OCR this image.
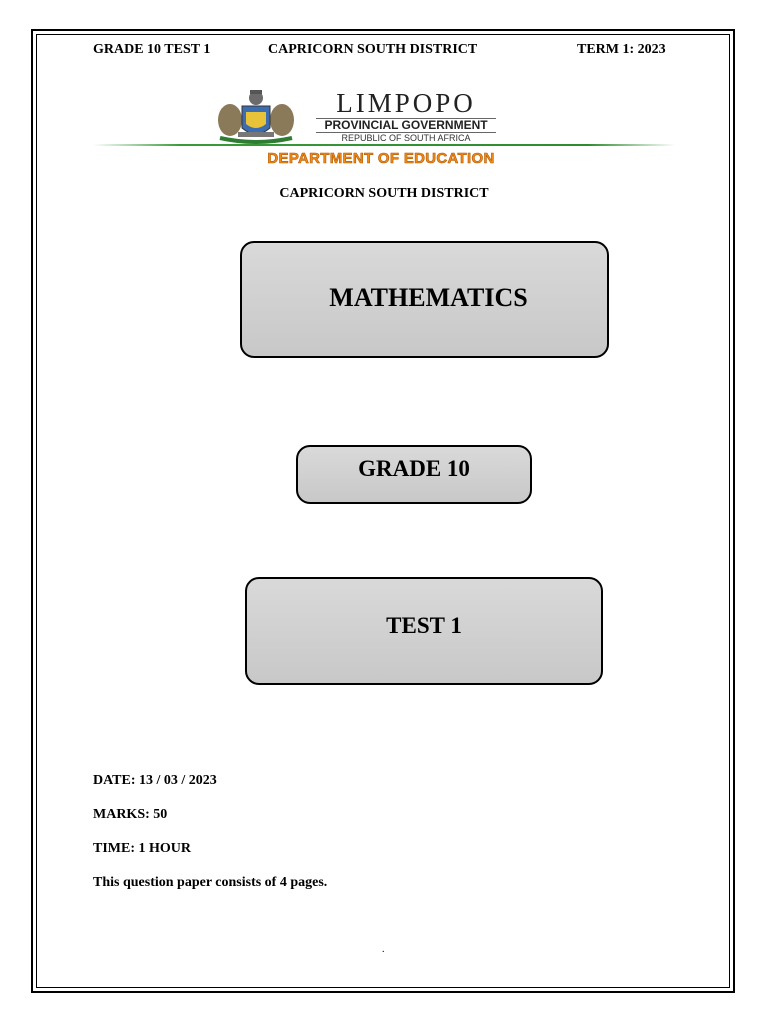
GRADE 10 TEST 1	CAPRICORN SOUTH DISTRICT	TERM 1: 2023
LIMPOPO
PROVINCIAL GOVERNMENT
REPUBLIC OF SOUTH AFRICA
DEPARTMENT OF EDUCATION
CAPRICORN SOUTH DISTRICT
MATHEMATICS
GRADE 10
TEST 1
DATE: 13 / 03 / 2023
MARKS: 50
TIME: 1 HOUR
This question paper consists of 4 pages.
.
